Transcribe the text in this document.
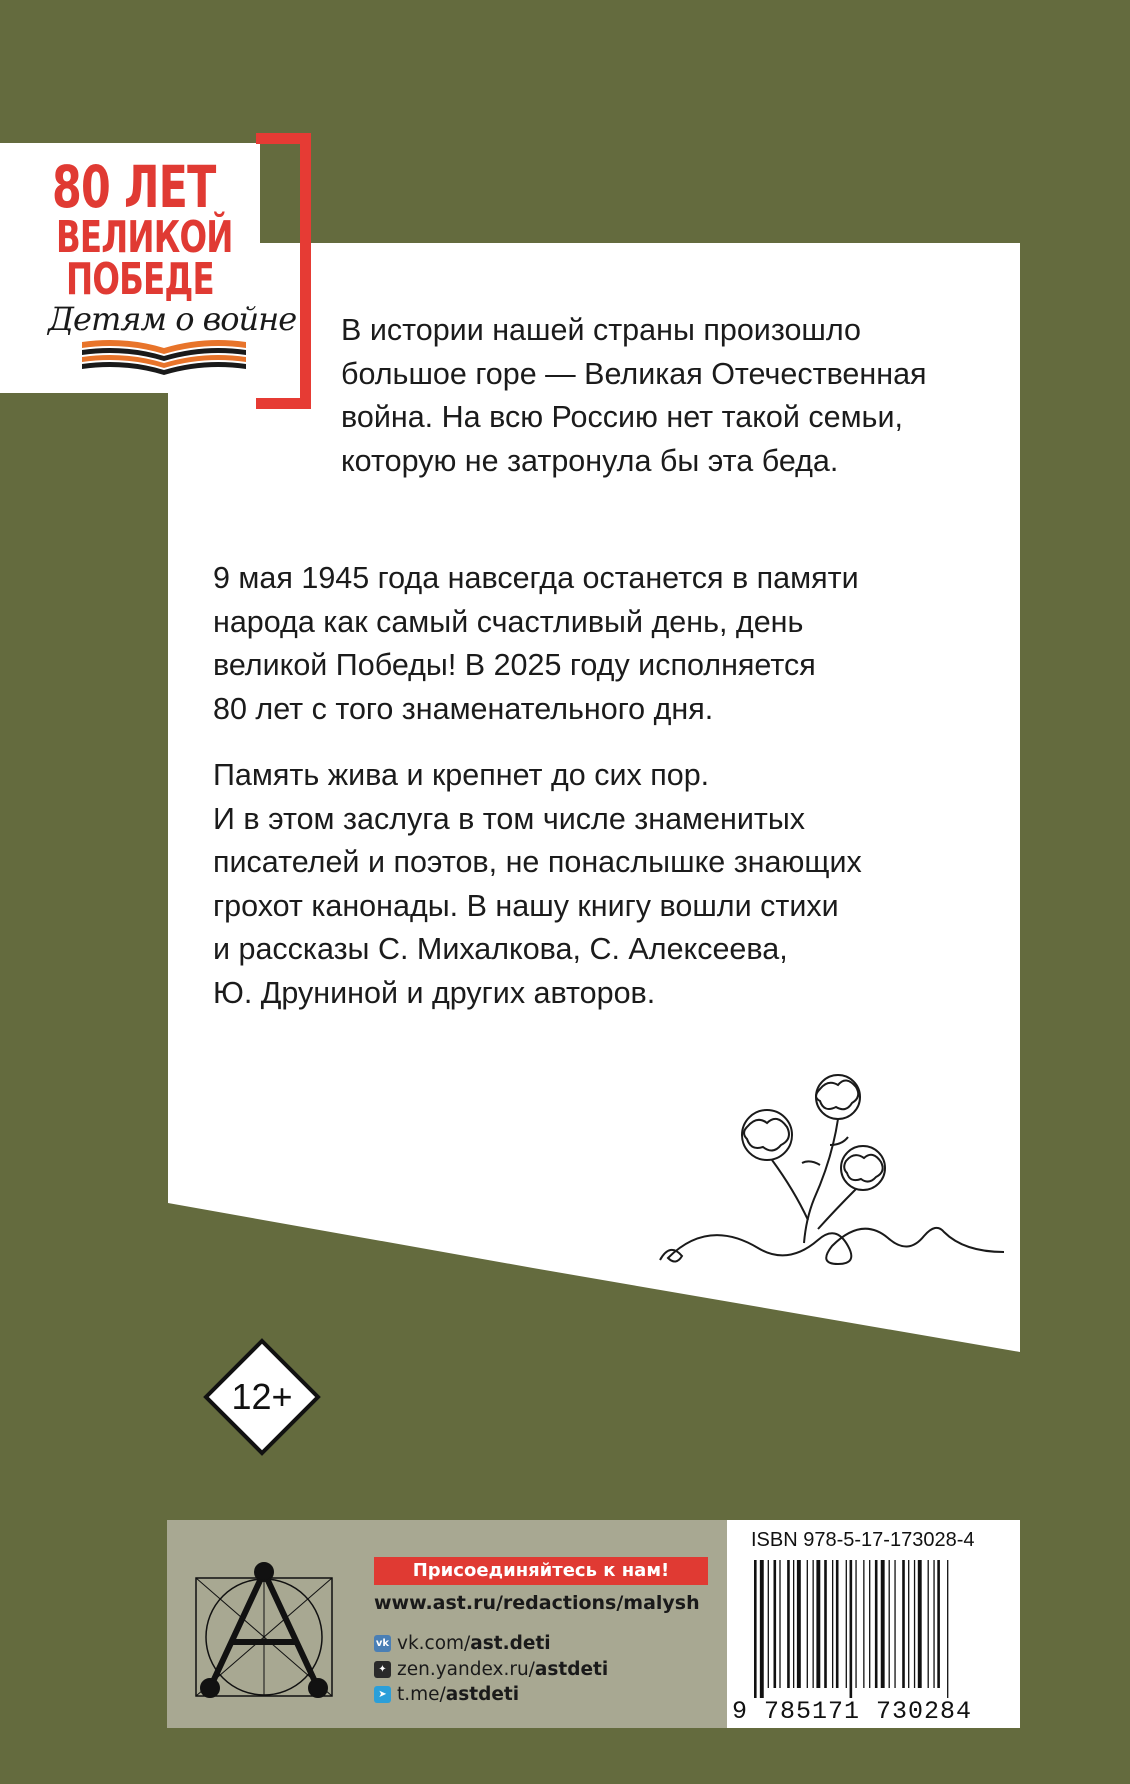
80 ЛЕТ
ВЕЛИКОЙ
ПОБЕДЕ
Детям о войне В истории нашей страны произошло
большое горе — Великая Отечественная
война. На всю Россию нет такой семьи,
которую не затронула бы эта беда.
9 мая 1945 года навсегда останется в памяти
народа как самый счастливый день, день
великой Победы! В 2025 году исполняется
80 лет с того знаменательного дня.
Память жива и крепнет до сих пор.
И в этом заслуга в том числе знаменитых
писателей и поэтов, не понаслышке знающих
грохот канонады. В нашу книгу вошли стихи
и рассказы С. Михалкова, С. Алексеева,
Ю. Друниной и других авторов.
12+
Присоединяйтесь к нам!
www.ast.ru/redactions/malysh
vk vk.com/ ast.deti
✦ zen.yandex.ru/ astdeti
➤ t.me/ astdeti
ISBN 978-5-17-173028-4
9 785171 730284
